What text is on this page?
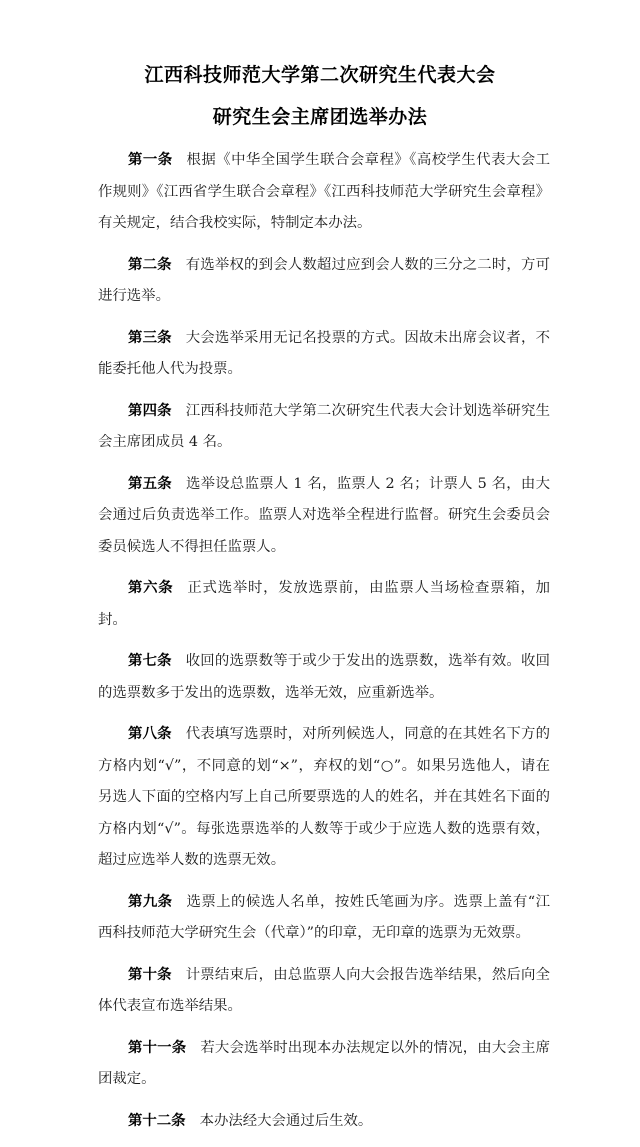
江西科技师范大学第二次研究生代表大会
研究生会主席团选举办法

第一条 根据《中华全国学生联合会章程》《高校学生代表大会工作规则》《江西省学生联合会章程》《江西科技师范大学研究生会章程》有关规定，结合我校实际，特制定本办法。

第二条 有选举权的到会人数超过应到会人数的三分之二时，方可进行选举。

第三条 大会选举采用无记名投票的方式。因故未出席会议者，不能委托他人代为投票。

第四条 江西科技师范大学第二次研究生代表大会计划选举研究生会主席团成员 4 名。

第五条 选举设总监票人 1 名，监票人 2 名；计票人 5 名，由大会通过后负责选举工作。监票人对选举全程进行监督。研究生会委员会委员候选人不得担任监票人。

第六条 正式选举时，发放选票前，由监票人当场检查票箱，加封。

第七条 收回的选票数等于或少于发出的选票数，选举有效。收回的选票数多于发出的选票数，选举无效，应重新选举。

第八条 代表填写选票时，对所列候选人，同意的在其姓名下方的方格内划“√”，不同意的划“×”，弃权的划“○”。如果另选他人，请在另选人下面的空格内写上自己所要票选的人的姓名，并在其姓名下面的方格内划“√”。每张选票选举的人数等于或少于应选人数的选票有效，超过应选举人数的选票无效。

第九条 选票上的候选人名单，按姓氏笔画为序。选票上盖有“江西科技师范大学研究生会（代章）”的印章，无印章的选票为无效票。

第十条 计票结束后，由总监票人向大会报告选举结果，然后向全体代表宣布选举结果。

第十一条 若大会选举时出现本办法规定以外的情况，由大会主席团裁定。

第十二条 本办法经大会通过后生效。
